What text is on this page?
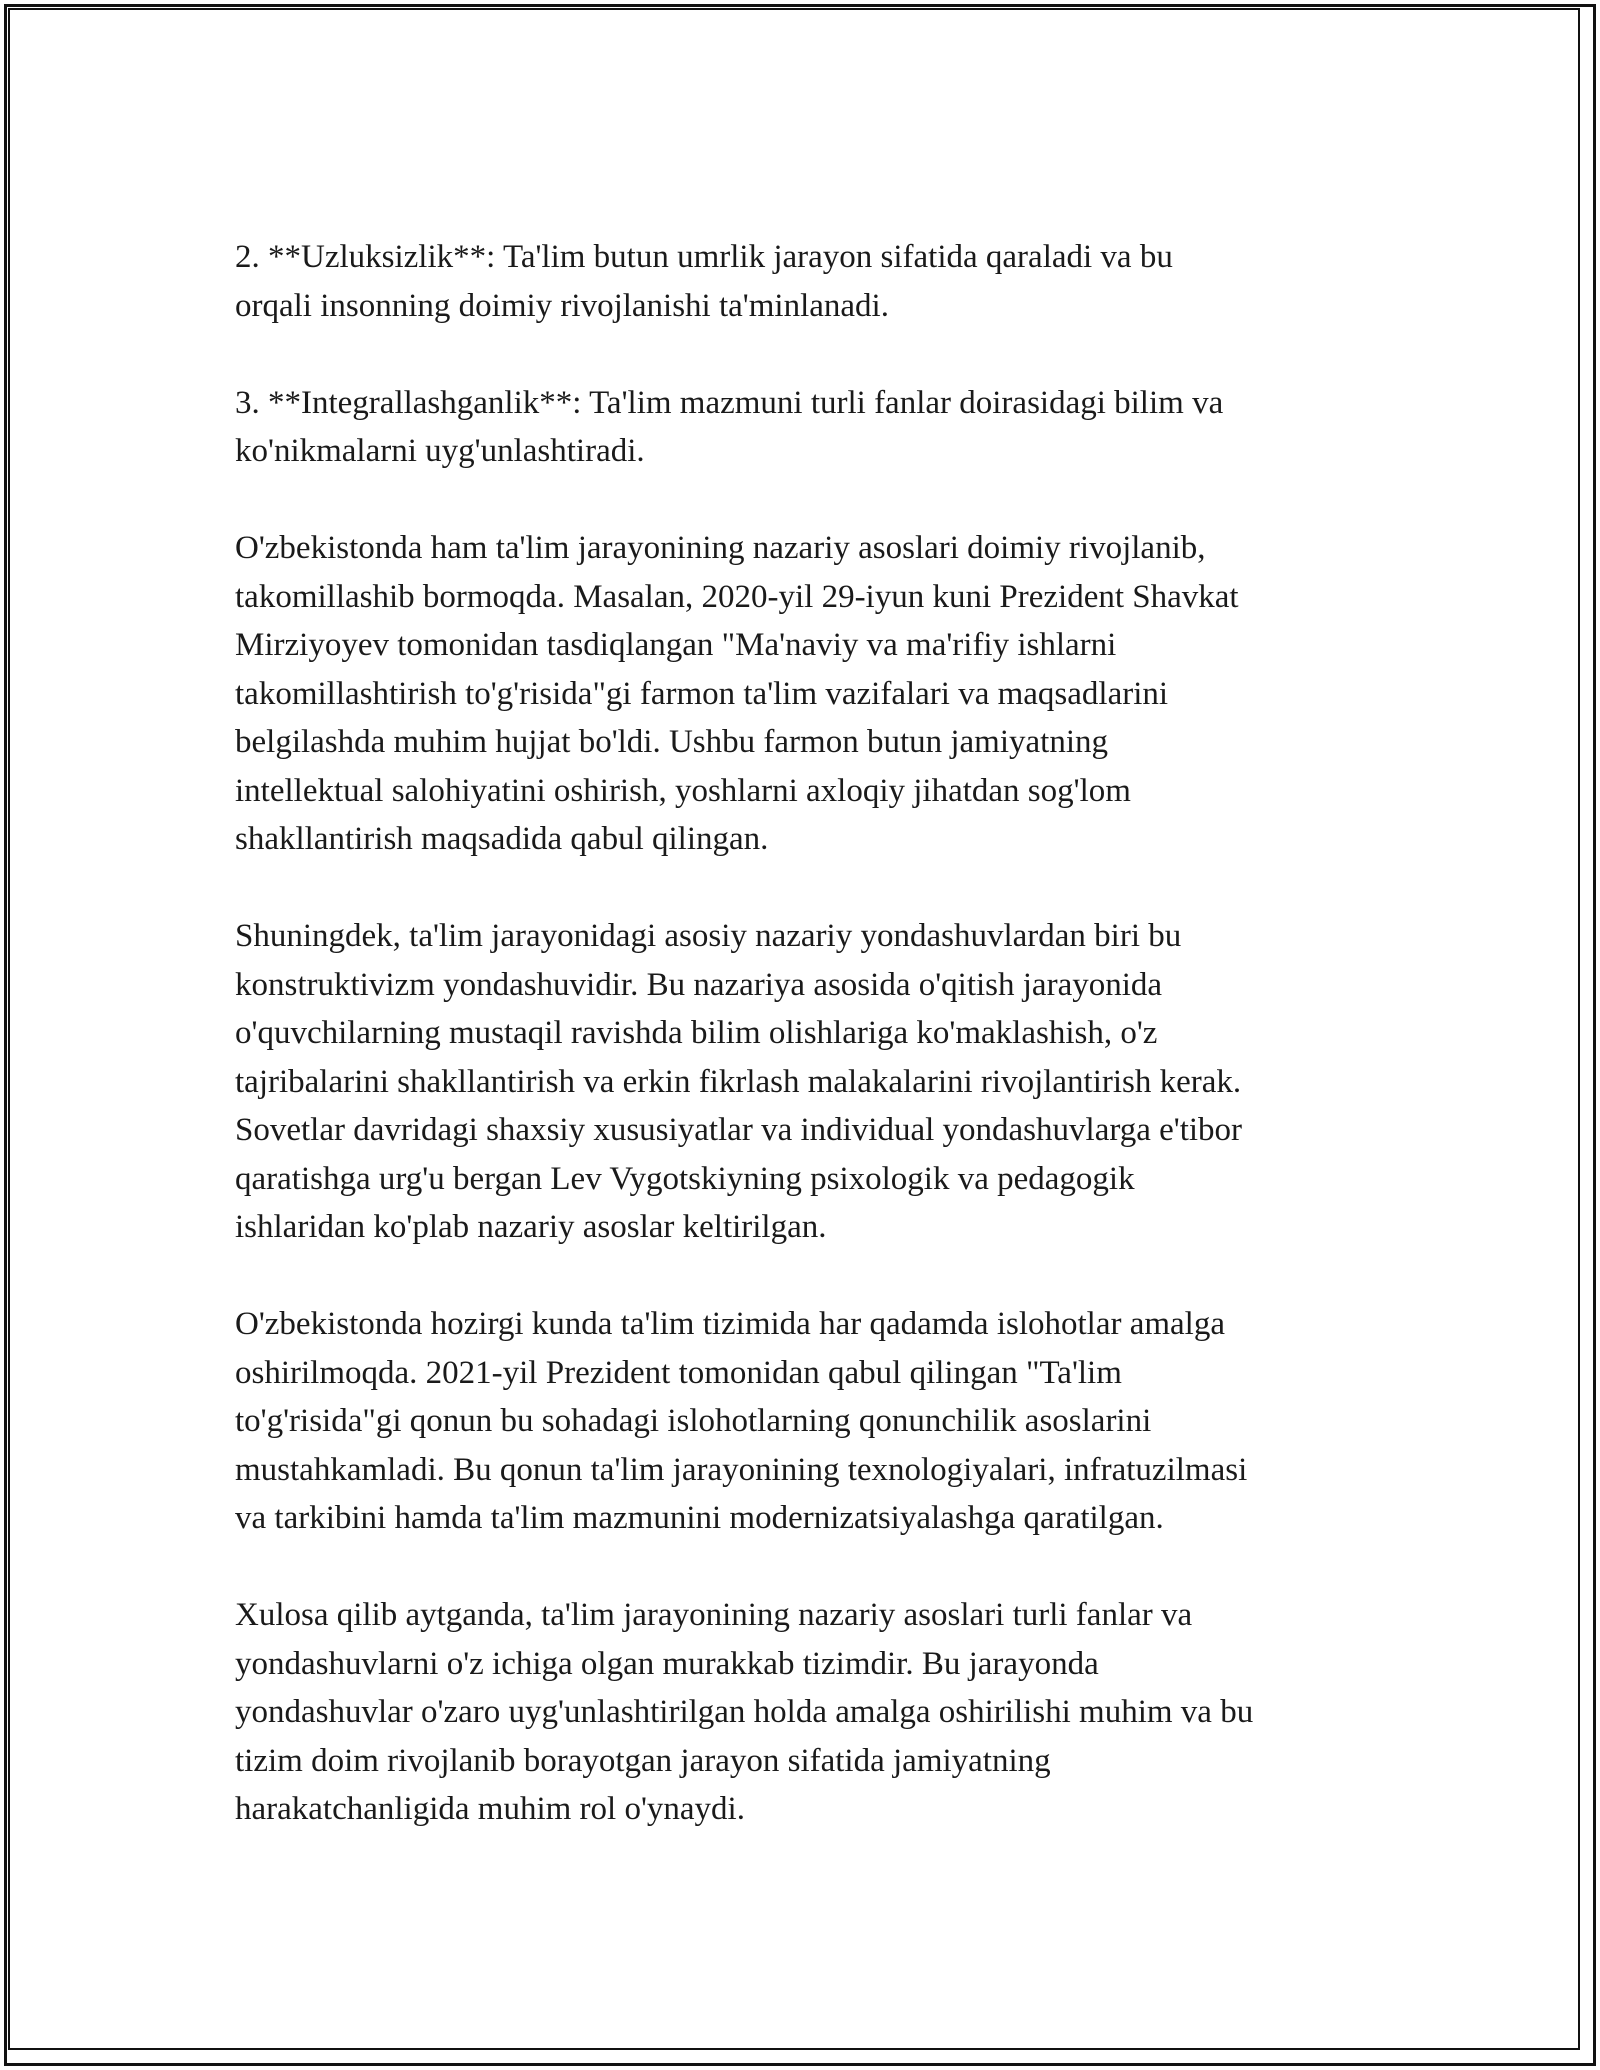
2. **Uzluksizlik**: Ta'lim butun umrlik jarayon sifatida qaraladi va bu
orqali insonning doimiy rivojlanishi ta'minlanadi.

3. **Integrallashganlik**: Ta'lim mazmuni turli fanlar doirasidagi bilim va
ko'nikmalarni uyg'unlashtiradi.

O'zbekistonda ham ta'lim jarayonining nazariy asoslari doimiy rivojlanib,
takomillashib bormoqda. Masalan, 2020-yil 29-iyun kuni Prezident Shavkat
Mirziyoyev tomonidan tasdiqlangan "Ma'naviy va ma'rifiy ishlarni
takomillashtirish to'g'risida"gi farmon ta'lim vazifalari va maqsadlarini
belgilashda muhim hujjat bo'ldi. Ushbu farmon butun jamiyatning
intellektual salohiyatini oshirish, yoshlarni axloqiy jihatdan sog'lom
shakllantirish maqsadida qabul qilingan.

Shuningdek, ta'lim jarayonidagi asosiy nazariy yondashuvlardan biri bu
konstruktivizm yondashuvidir. Bu nazariya asosida o'qitish jarayonida
o'quvchilarning mustaqil ravishda bilim olishlariga ko'maklashish, o'z
tajribalarini shakllantirish va erkin fikrlash malakalarini rivojlantirish kerak.
Sovetlar davridagi shaxsiy xususiyatlar va individual yondashuvlarga e'tibor
qaratishga urg'u bergan Lev Vygotskiyning psixologik va pedagogik
ishlaridan ko'plab nazariy asoslar keltirilgan.

O'zbekistonda hozirgi kunda ta'lim tizimida har qadamda islohotlar amalga
oshirilmoqda. 2021-yil Prezident tomonidan qabul qilingan "Ta'lim
to'g'risida"gi qonun bu sohadagi islohotlarning qonunchilik asoslarini
mustahkamladi. Bu qonun ta'lim jarayonining texnologiyalari, infratuzilmasi
va tarkibini hamda ta'lim mazmunini modernizatsiyalashga qaratilgan.

Xulosa qilib aytganda, ta'lim jarayonining nazariy asoslari turli fanlar va
yondashuvlarni o'z ichiga olgan murakkab tizimdir. Bu jarayonda
yondashuvlar o'zaro uyg'unlashtirilgan holda amalga oshirilishi muhim va bu
tizim doim rivojlanib borayotgan jarayon sifatida jamiyatning
harakatchanligida muhim rol o'ynaydi.
